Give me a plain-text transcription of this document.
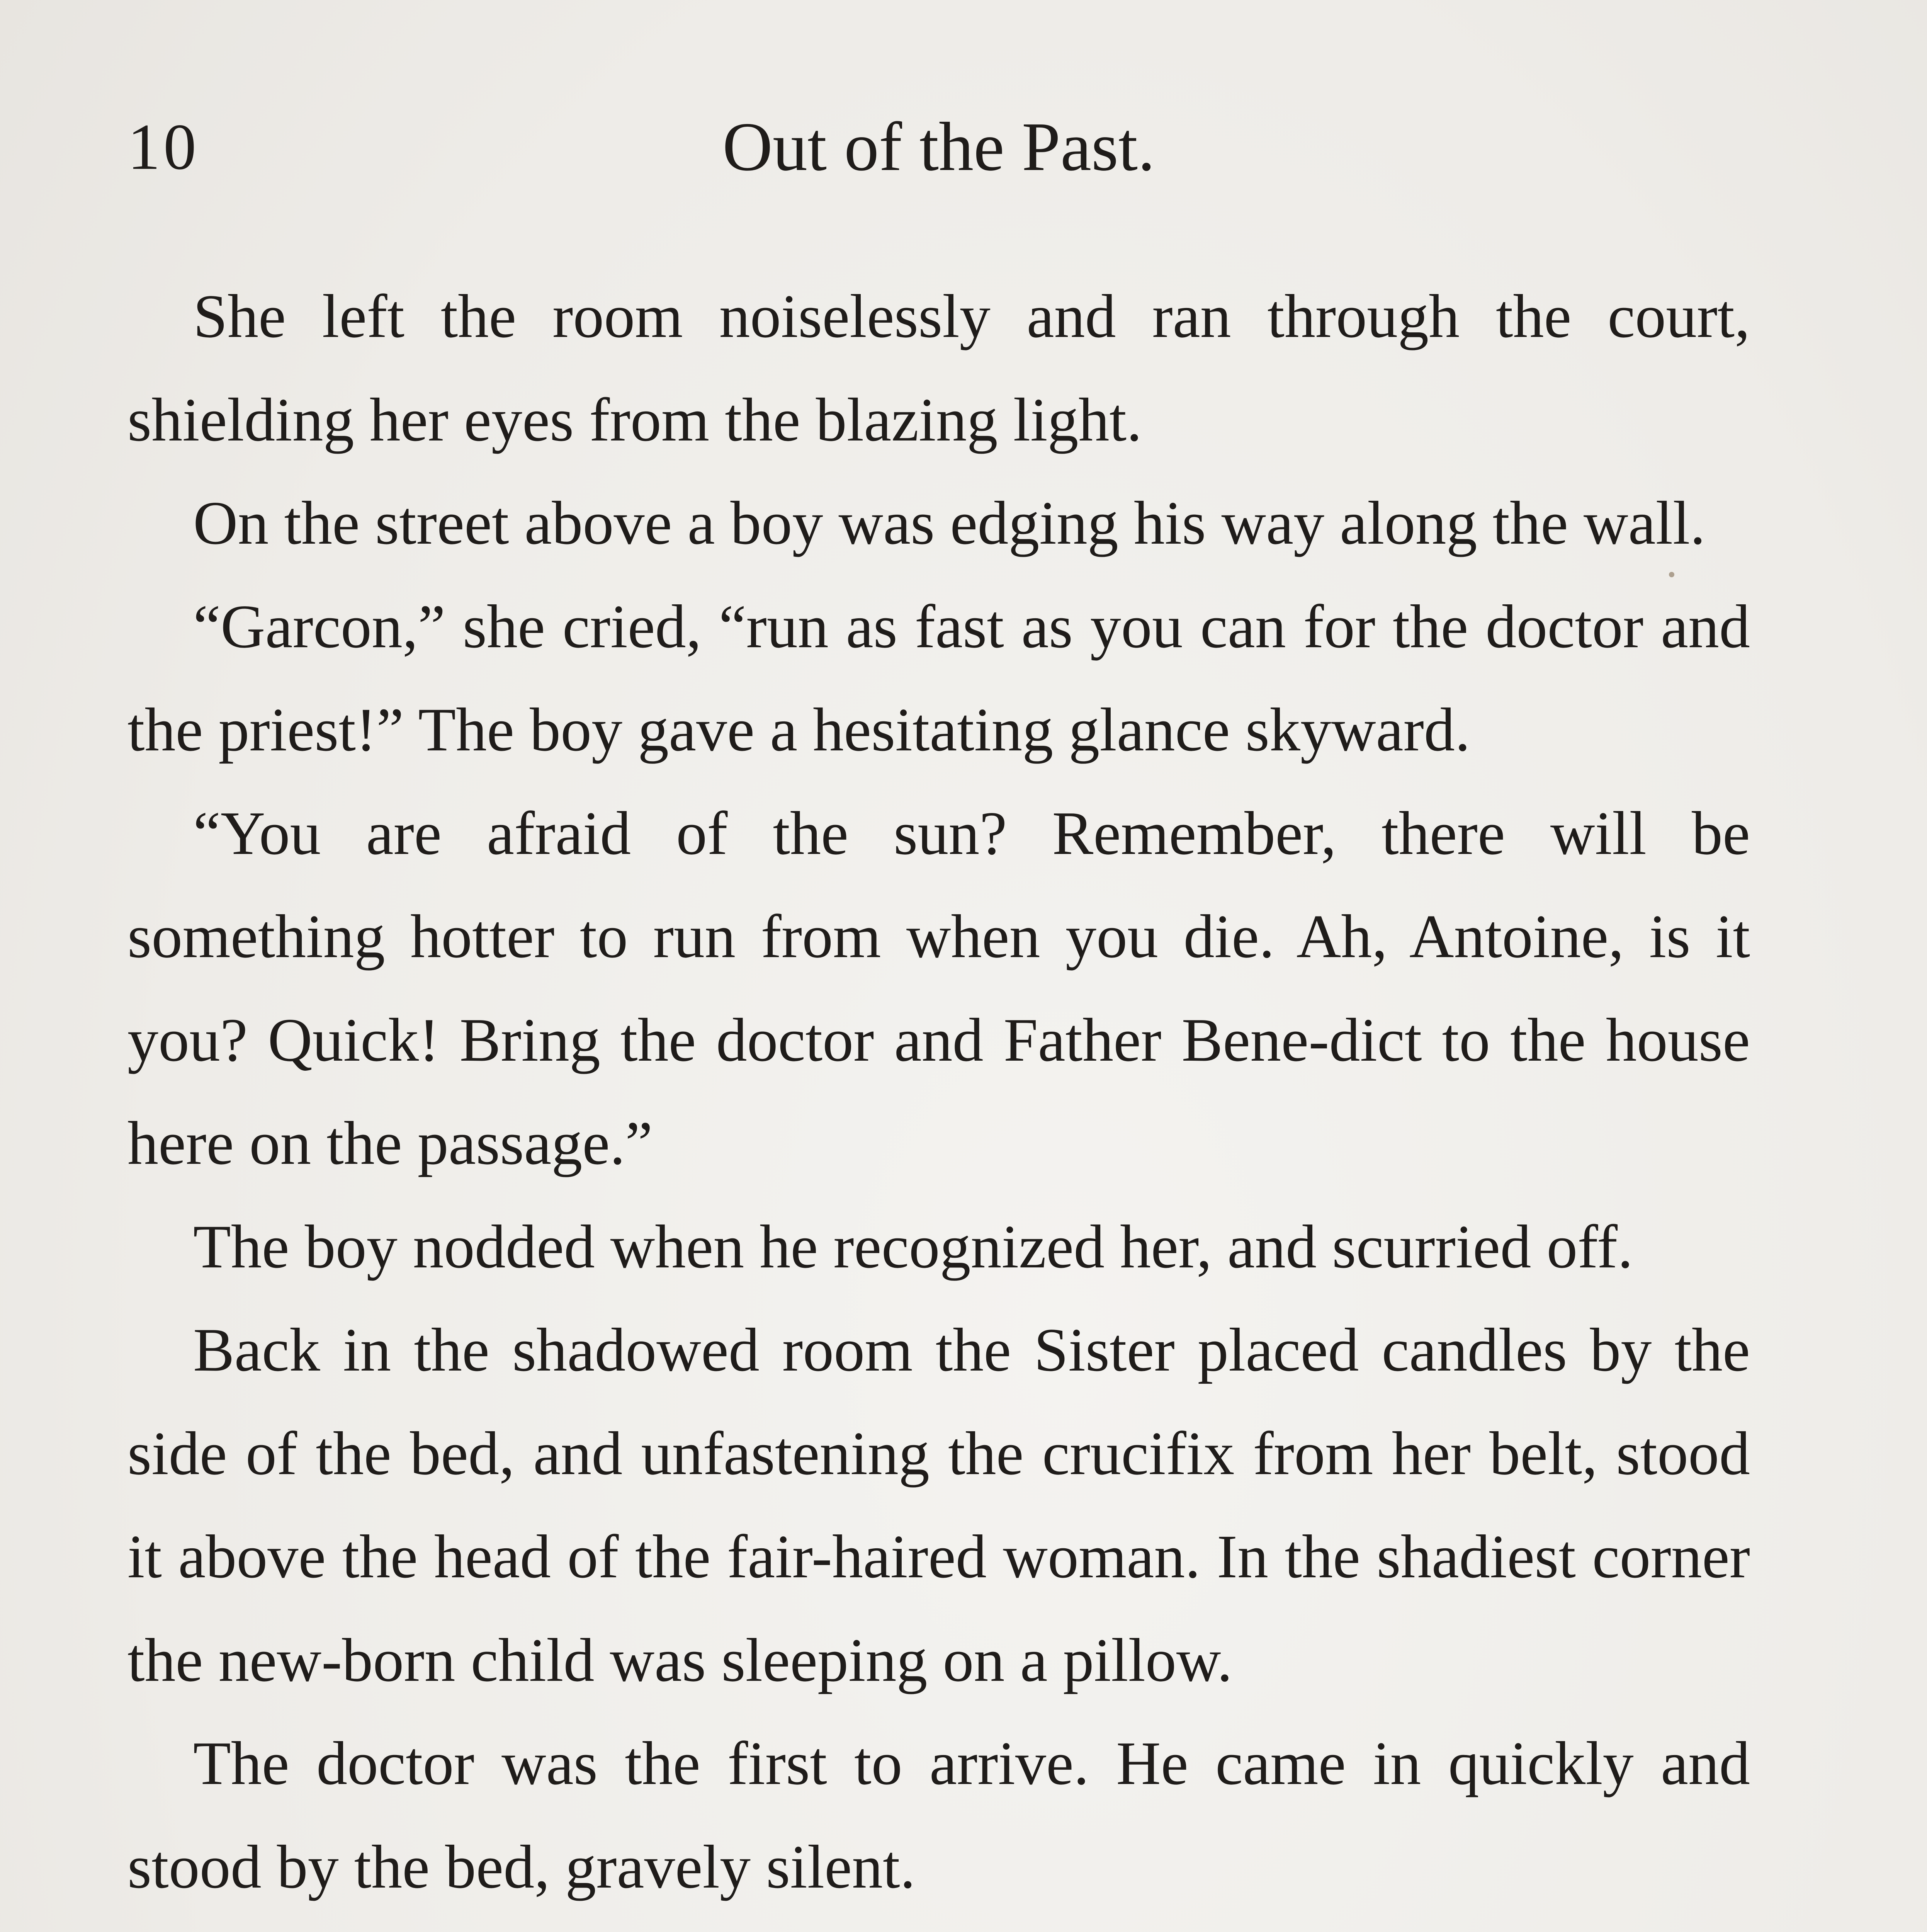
10	Out of the Past.

She left the room noiselessly and ran through the court, shielding her eyes from the blazing light.

On the street above a boy was edging his way along the wall.

“Garcon,” she cried, “run as fast as you can for the doctor and the priest!” The boy gave a hesitating glance skyward.

“You are afraid of the sun? Remember, there will be something hotter to run from when you die. Ah, Antoine, is it you? Quick! Bring the doctor and Father Bene-dict to the house here on the passage.”

The boy nodded when he recognized her, and scurried off.

Back in the shadowed room the Sister placed candles by the side of the bed, and unfastening the crucifix from her belt, stood it above the head of the fair-haired woman. In the shadiest corner the new-born child was sleeping on a pillow.

The doctor was the first to arrive. He came in quickly and stood by the bed, gravely silent.
